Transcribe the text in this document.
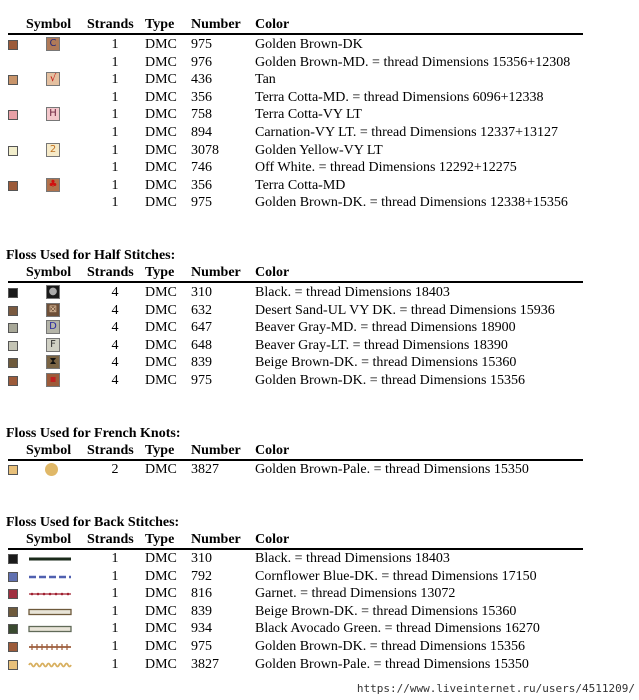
Symbol Strands Type Number Color
C	1 DMC 975	Golden Brown-DK
1 DMC 976	Golden Brown-MD. = thread Dimensions 15356+12308
√	1 DMC 436	Tan
1 DMC 356	Terra Cotta-MD. = thread Dimensions 6096+12338
H	1 DMC 758	Terra Cotta-VY LT
1 DMC 894	Carnation-VY LT. = thread Dimensions 12337+13127
2	1 DMC 3078	Golden Yellow-VY LT
1 DMC 746	Off White. = thread Dimensions 12292+12275
♣	1 DMC 356	Terra Cotta-MD
1 DMC 975	Golden Brown-DK. = thread Dimensions 12338+15356
Floss Used for Half Stitches:
Symbol Strands Type Number Color
●	4 DMC 310	Black. = thread Dimensions 18403
⊠	4 DMC 632	Desert Sand-UL VY DK. = thread Dimensions 15936
D	4 DMC 647	Beaver Gray-MD. = thread Dimensions 18900
F	4 DMC 648	Beaver Gray-LT. = thread Dimensions 18390
⧗	4 DMC 839	Beige Brown-DK. = thread Dimensions 15360
▪	4 DMC 975	Golden Brown-DK. = thread Dimensions 15356
Floss Used for French Knots:
Symbol Strands Type Number Color
2 DMC 3827	Golden Brown-Pale. = thread Dimensions 15350
Floss Used for Back Stitches:
Symbol Strands Type Number Color
1 DMC 310	Black. = thread Dimensions 18403
1 DMC 792	Cornflower Blue-DK. = thread Dimensions 17150
1 DMC 816	Garnet. = thread Dimensions 13072
1 DMC 839	Beige Brown-DK. = thread Dimensions 15360
1 DMC 934	Black Avocado Green. = thread Dimensions 16270
1 DMC 975	Golden Brown-DK. = thread Dimensions 15356
1 DMC 3827	Golden Brown-Pale. = thread Dimensions 15350
https://www.liveinternet.ru/users/4511209/
